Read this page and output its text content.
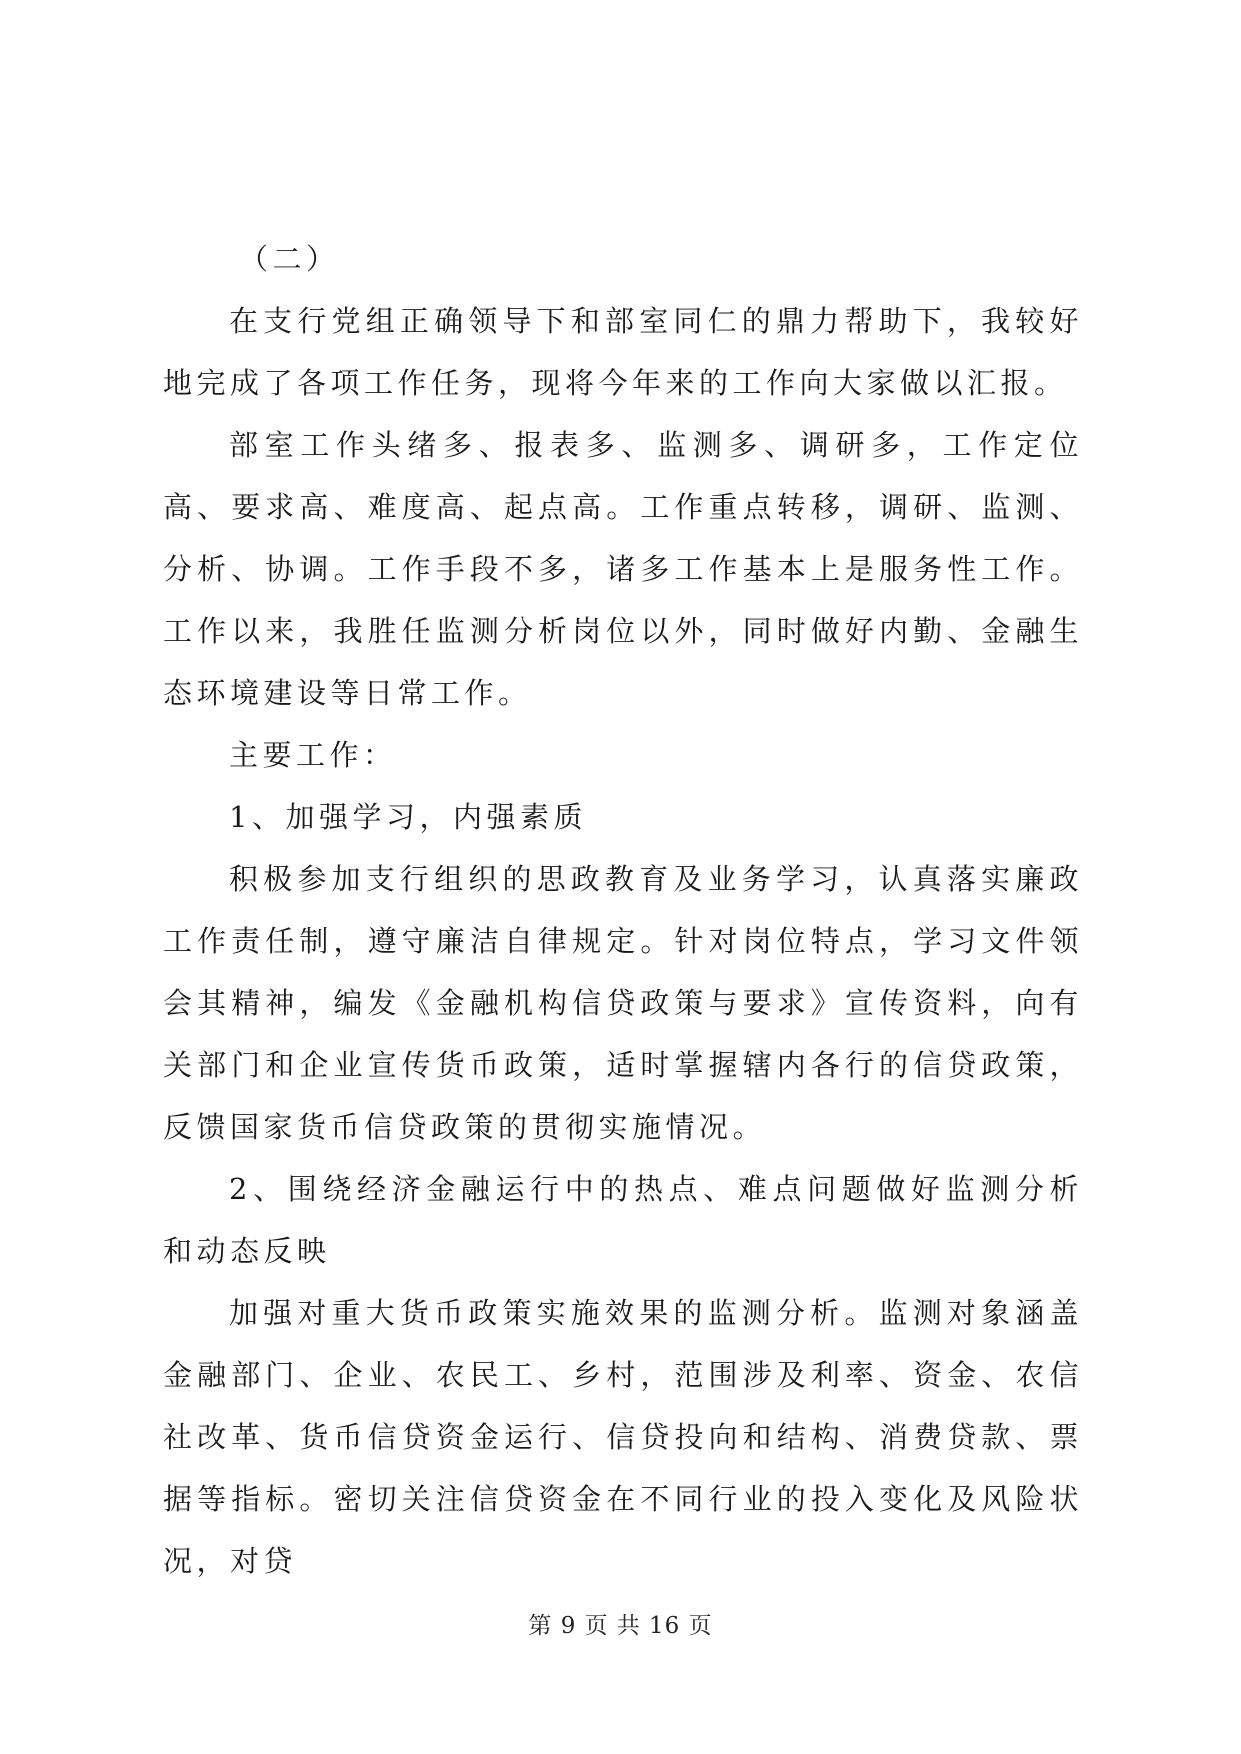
（二）

在支行党组正确领导下和部室同仁的鼎力帮助下，我较好地完成了各项工作任务，现将今年来的工作向大家做以汇报。

部室工作头绪多、报表多、监测多、调研多，工作定位高、要求高、难度高、起点高。工作重点转移，调研、监测、分析、协调。工作手段不多，诸多工作基本上是服务性工作。工作以来，我胜任监测分析岗位以外，同时做好内勤、金融生态环境建设等日常工作。

主要工作：

1、加强学习，内强素质

积极参加支行组织的思政教育及业务学习，认真落实廉政工作责任制，遵守廉洁自律规定。针对岗位特点，学习文件领会其精神，编发《金融机构信贷政策与要求》宣传资料，向有关部门和企业宣传货币政策，适时掌握辖内各行的信贷政策，反馈国家货币信贷政策的贯彻实施情况。

2、围绕经济金融运行中的热点、难点问题做好监测分析和动态反映

加强对重大货币政策实施效果的监测分析。监测对象涵盖金融部门、企业、农民工、乡村，范围涉及利率、资金、农信社改革、货币信贷资金运行、信贷投向和结构、消费贷款、票据等指标。密切关注信贷资金在不同行业的投入变化及风险状况，对贷

第 9 页 共 16 页
